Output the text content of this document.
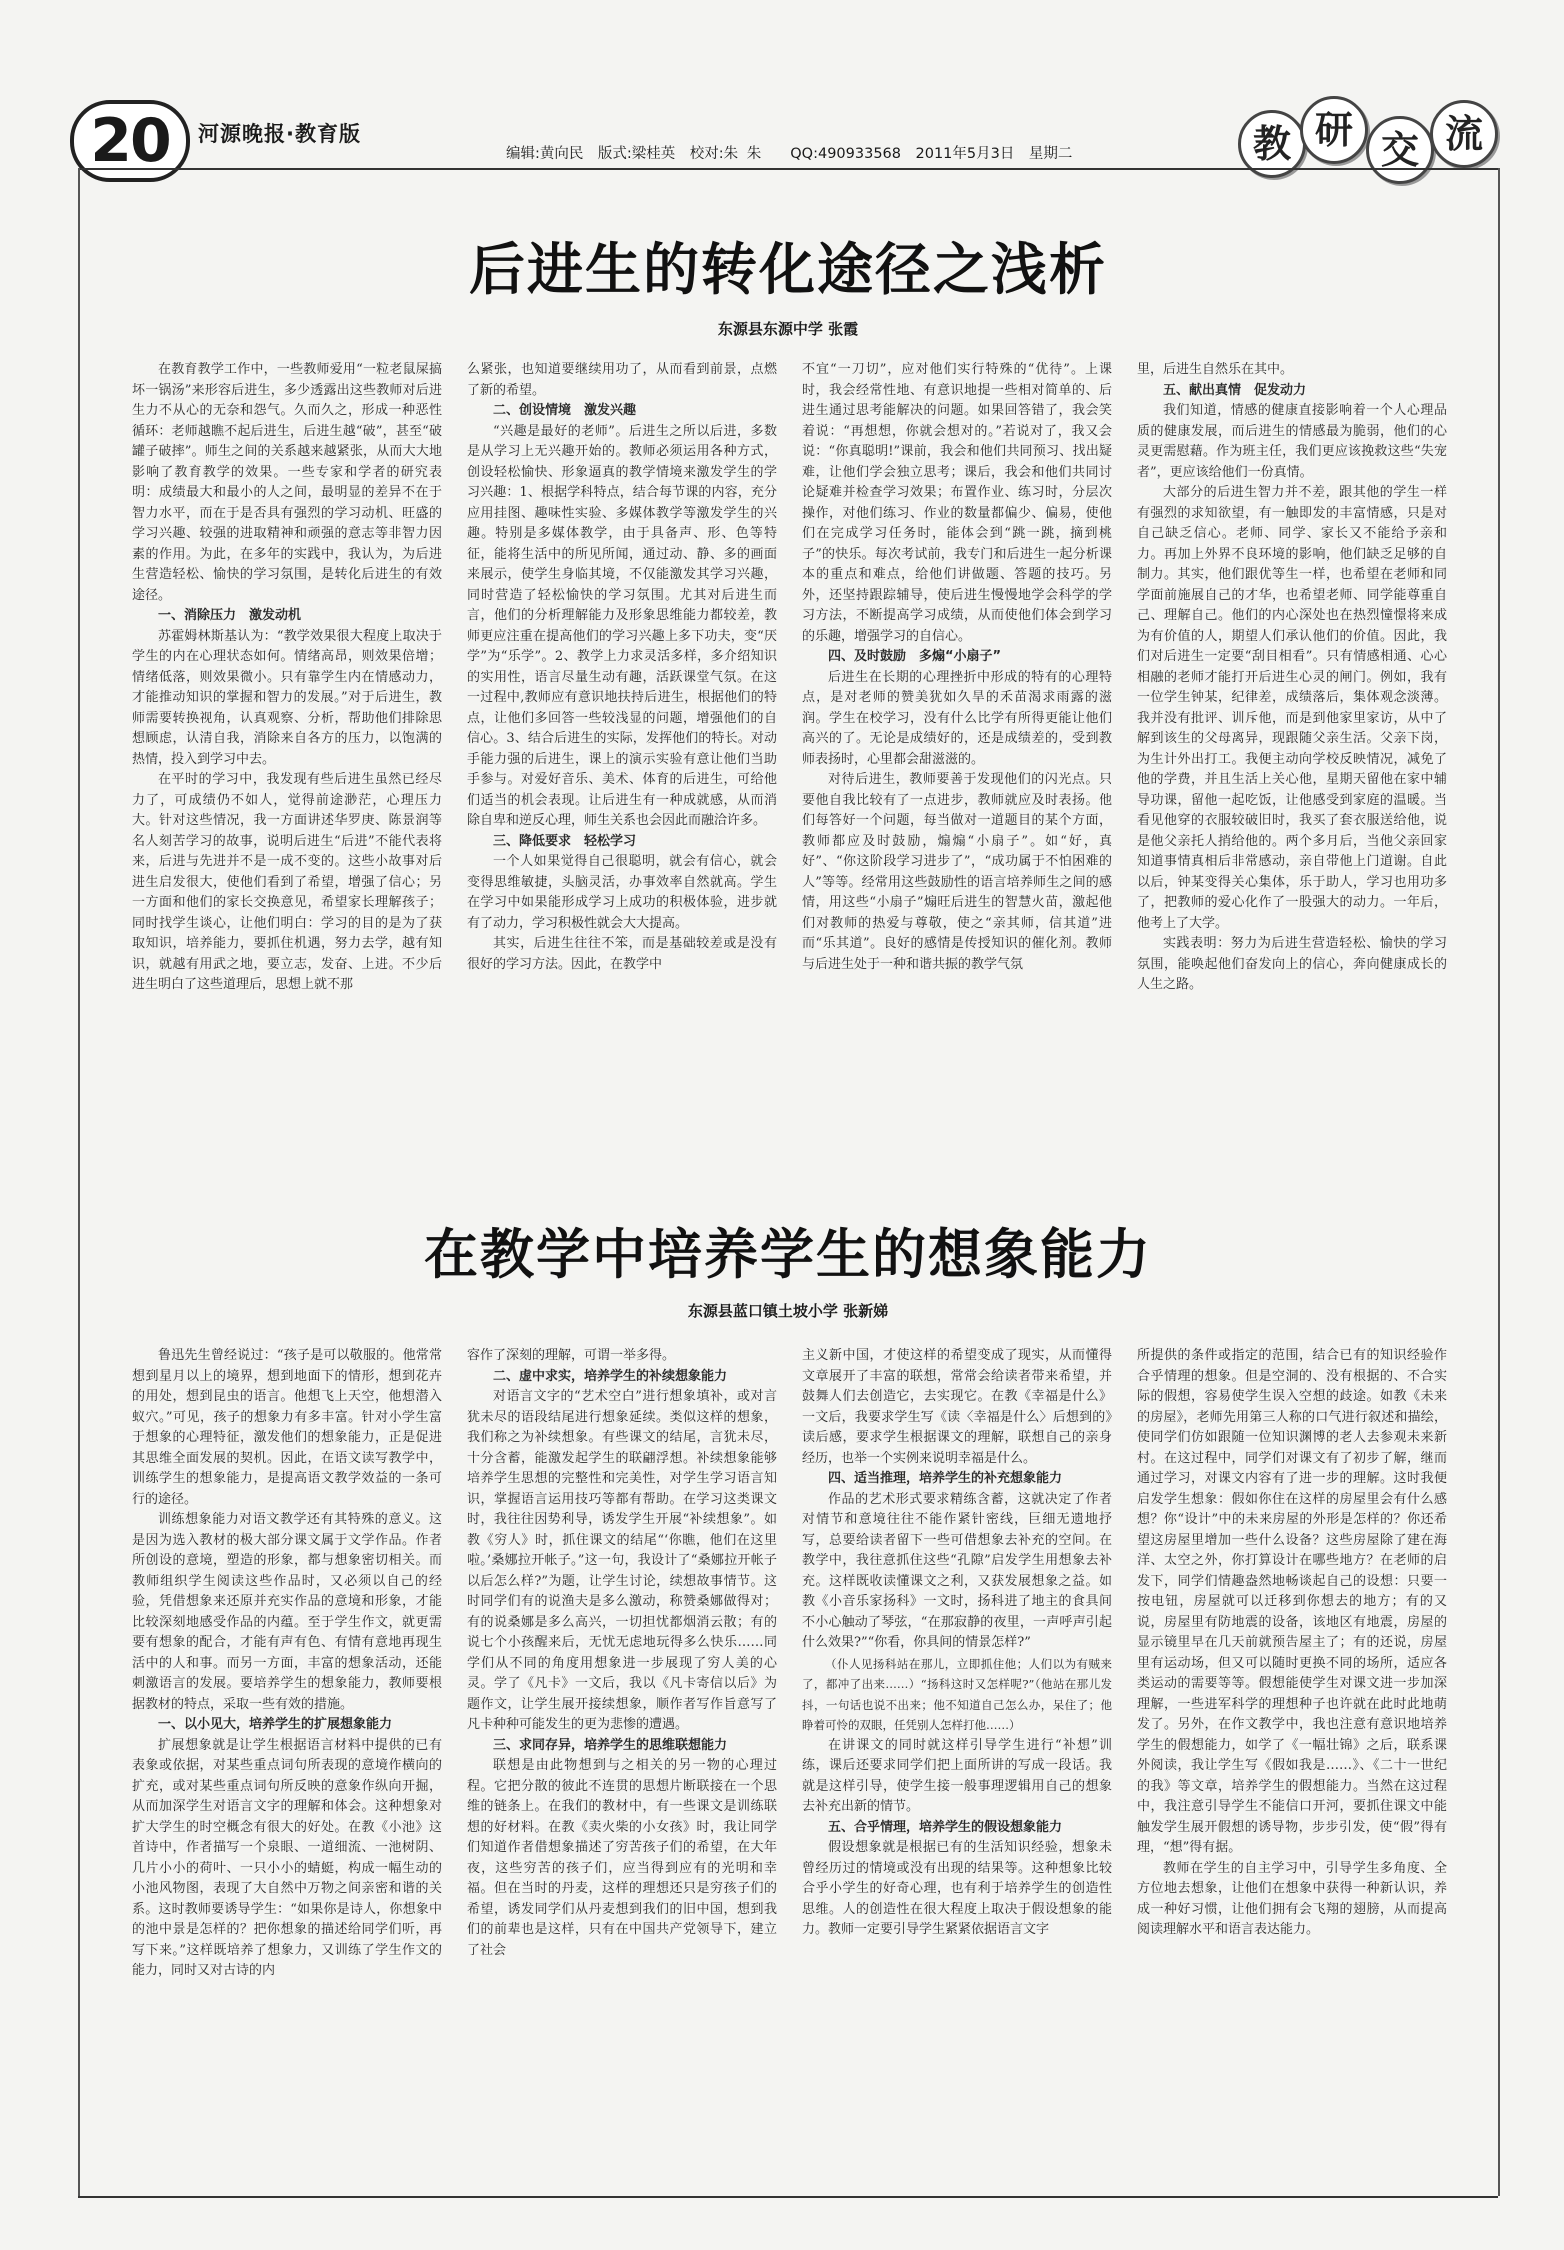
20	河源晚报·教育版
编辑:黄向民　版式:梁桂英　校对:朱 朱　　QQ:490933568　2011年5月3日　星期二	教 研 交 流
后进生的转化途径之浅析
东源县东源中学 张霞

在教育教学工作中，一些教师爱用“一粒老鼠屎搞坏一锅汤”来形容后进生，多少透露出这些教师对后进生力不从心的无奈和怨气。久而久之，形成一种恶性循环：老师越瞧不起后进生，后进生越“破”，甚至“破罐子破摔”。师生之间的关系越来越紧张，从而大大地影响了教育教学的效果。一些专家和学者的研究表明：成绩最大和最小的人之间，最明显的差异不在于智力水平，而在于是否具有强烈的学习动机、旺盛的学习兴趣、较强的进取精神和顽强的意志等非智力因素的作用。为此，在多年的实践中，我认为，为后进生营造轻松、愉快的学习氛围，是转化后进生的有效途径。

一、消除压力　激发动机

苏霍姆林斯基认为：“教学效果很大程度上取决于学生的内在心理状态如何。情绪高昂，则效果倍增；情绪低落，则效果微小。只有靠学生内在情感动力，才能推动知识的掌握和智力的发展。”对于后进生，教师需要转换视角，认真观察、分析，帮助他们排除思想顾虑，认清自我，消除来自各方的压力，以饱满的热情，投入到学习中去。

在平时的学习中，我发现有些后进生虽然已经尽力了，可成绩仍不如人，觉得前途渺茫，心理压力大。针对这些情况，我一方面讲述华罗庚、陈景润等名人刻苦学习的故事，说明后进生“后进”不能代表将来，后进与先进并不是一成不变的。这些小故事对后进生启发很大，使他们看到了希望，增强了信心；另一方面和他们的家长交换意见，希望家长理解孩子；同时找学生谈心，让他们明白：学习的目的是为了获取知识，培养能力，要抓住机遇，努力去学，越有知识，就越有用武之地，要立志，发奋、上进。不少后进生明白了这些道理后，思想上就不那

么紧张，也知道要继续用功了，从而看到前景，点燃了新的希望。

二、创设情境　激发兴趣

“兴趣是最好的老师”。后进生之所以后进，多数是从学习上无兴趣开始的。教师必须运用各种方式，创设轻松愉快、形象逼真的教学情境来激发学生的学习兴趣：1、根据学科特点，结合每节课的内容，充分应用挂图、趣味性实验、多媒体教学等激发学生的兴趣。特别是多媒体教学，由于具备声、形、色等特征，能将生活中的所见所闻，通过动、静、多的画面来展示，使学生身临其境，不仅能激发其学习兴趣，同时营造了轻松愉快的学习氛围。尤其对后进生而言，他们的分析理解能力及形象思维能力都较差，教师更应注重在提高他们的学习兴趣上多下功夫，变“厌学”为“乐学”。2、教学上力求灵活多样，多介绍知识的实用性，语言尽量生动有趣，活跃课堂气氛。在这一过程中,教师应有意识地扶持后进生，根据他们的特点，让他们多回答一些较浅显的问题，增强他们的自信心。3、结合后进生的实际，发挥他们的特长。对动手能力强的后进生，课上的演示实验有意让他们当助手参与。对爱好音乐、美术、体育的后进生，可给他们适当的机会表现。让后进生有一种成就感，从而消除自卑和逆反心理，师生关系也会因此而融洽许多。

三、降低要求　轻松学习

一个人如果觉得自己很聪明，就会有信心，就会变得思维敏捷，头脑灵活，办事效率自然就高。学生在学习中如果能形成学习上成功的积极体验，进步就有了动力，学习积极性就会大大提高。

其实，后进生往往不笨，而是基础较差或是没有很好的学习方法。因此，在教学中

不宜“一刀切”，应对他们实行特殊的“优待”。上课时，我会经常性地、有意识地提一些相对简单的、后进生通过思考能解决的问题。如果回答错了，我会笑着说：“再想想，你就会想对的。”若说对了，我又会说：“你真聪明!”课前，我会和他们共同预习、找出疑难，让他们学会独立思考；课后，我会和他们共同讨论疑难并检查学习效果；布置作业、练习时，分层次操作，对他们练习、作业的数量都偏少、偏易，使他们在完成学习任务时，能体会到“跳一跳，摘到桃子”的快乐。每次考试前，我专门和后进生一起分析课本的重点和难点，给他们讲做题、答题的技巧。另外，还坚持跟踪辅导，使后进生慢慢地学会科学的学习方法，不断提高学习成绩，从而使他们体会到学习的乐趣，增强学习的自信心。

四、及时鼓励　多煽“小扇子”

后进生在长期的心理挫折中形成的特有的心理特点，是对老师的赞美犹如久旱的禾苗渴求雨露的滋润。学生在校学习，没有什么比学有所得更能让他们高兴的了。无论是成绩好的，还是成绩差的，受到教师表扬时，心里都会甜滋滋的。

对待后进生，教师要善于发现他们的闪光点。只要他自我比较有了一点进步，教师就应及时表扬。他们每答好一个问题，每当做对一道题目的某个方面，教师都应及时鼓励，煽煽“小扇子”。如“好，真好”、“你这阶段学习进步了”，“成功属于不怕困难的人”等等。经常用这些鼓励性的语言培养师生之间的感情，用这些“小扇子”煽旺后进生的智慧火苗，激起他们对教师的热爱与尊敬，使之“亲其师，信其道”进而“乐其道”。良好的感情是传授知识的催化剂。教师与后进生处于一种和谐共振的教学气氛

里，后进生自然乐在其中。

五、献出真情　促发动力

我们知道，情感的健康直接影响着一个人心理品质的健康发展，而后进生的情感最为脆弱，他们的心灵更需慰藉。作为班主任，我们更应该挽救这些“失宠者”，更应该给他们一份真情。

大部分的后进生智力并不差，跟其他的学生一样有强烈的求知欲望，有一触即发的丰富情感，只是对自己缺乏信心。老师、同学、家长又不能给予亲和力。再加上外界不良环境的影响，他们缺乏足够的自制力。其实，他们跟优等生一样，也希望在老师和同学面前施展自己的才华，也希望老师、同学能尊重自己、理解自己。他们的内心深处也在热烈憧憬将来成为有价值的人，期望人们承认他们的价值。因此，我们对后进生一定要“刮目相看”。只有情感相通、心心相融的老师才能打开后进生心灵的闸门。例如，我有一位学生钟某，纪律差，成绩落后，集体观念淡薄。我并没有批评、训斥他，而是到他家里家访，从中了解到该生的父母离异，现跟随父亲生活。父亲下岗，为生计外出打工。我便主动向学校反映情况，减免了他的学费，并且生活上关心他，星期天留他在家中辅导功课，留他一起吃饭，让他感受到家庭的温暖。当看见他穿的衣服较破旧时，我买了套衣服送给他，说是他父亲托人捎给他的。两个多月后，当他父亲回家知道事情真相后非常感动，亲自带他上门道谢。自此以后，钟某变得关心集体，乐于助人，学习也用功多了，把教师的爱心化作了一股强大的动力。一年后，他考上了大学。

实践表明：努力为后进生营造轻松、愉快的学习氛围，能唤起他们奋发向上的信心，奔向健康成长的人生之路。

在教学中培养学生的想象能力
东源县蓝口镇土坡小学 张新娣

鲁迅先生曾经说过：“孩子是可以敬服的。他常常想到星月以上的境界，想到地面下的情形，想到花卉的用处，想到昆虫的语言。他想飞上天空，他想潜入蚁穴。”可见，孩子的想象力有多丰富。针对小学生富于想象的心理特征，激发他们的想象能力，正是促进其思维全面发展的契机。因此，在语文读写教学中，训练学生的想象能力，是提高语文教学效益的一条可行的途径。

训练想象能力对语文教学还有其特殊的意义。这是因为选入教材的极大部分课文属于文学作品。作者所创设的意境，塑造的形象，都与想象密切相关。而教师组织学生阅读这些作品时，又必须以自己的经验，凭借想象来还原并充实作品的意境和形象，才能比较深刻地感受作品的内蕴。至于学生作文，就更需要有想象的配合，才能有声有色、有情有意地再现生活中的人和事。而另一方面，丰富的想象活动，还能刺激语言的发展。要培养学生的想象能力，教师要根据教材的特点，采取一些有效的措施。

一、以小见大，培养学生的扩展想象能力

扩展想象就是让学生根据语言材料中提供的已有表象或依据，对某些重点词句所表现的意境作横向的扩充，或对某些重点词句所反映的意象作纵向开掘，从而加深学生对语言文字的理解和体会。这种想象对扩大学生的时空概念有很大的好处。在教《小池》这首诗中，作者描写一个泉眼、一道细流、一池树阴、几片小小的荷叶、一只小小的蜻蜓，构成一幅生动的小池风物图，表现了大自然中万物之间亲密和谐的关系。这时教师要诱导学生：“如果你是诗人，你想象中的池中景是怎样的？把你想象的描述给同学们听，再写下来。”这样既培养了想象力，又训练了学生作文的能力，同时又对古诗的内

容作了深刻的理解，可谓一举多得。

二、虚中求实，培养学生的补续想象能力

对语言文字的“艺术空白”进行想象填补，或对言犹未尽的语段结尾进行想象延续。类似这样的想象，我们称之为补续想象。有些课文的结尾，言犹未尽，十分含蓄，能激发起学生的联翩浮想。补续想象能够培养学生思想的完整性和完美性，对学生学习语言知识，掌握语言运用技巧等都有帮助。在学习这类课文时，我往往因势利导，诱发学生开展“补续想象”。如教《穷人》时，抓住课文的结尾“‘你瞧，他们在这里啦。’桑娜拉开帐子。”这一句，我设计了“桑娜拉开帐子以后怎么样?”为题，让学生讨论，续想故事情节。这时同学们有的说渔夫是多么激动，称赞桑娜做得对；有的说桑娜是多么高兴，一切担忧都烟消云散；有的说七个小孩醒来后，无忧无虑地玩得多么快乐……同学们从不同的角度用想象进一步展现了穷人美的心灵。学了《凡卡》一文后，我以《凡卡寄信以后》为题作文，让学生展开接续想象，顺作者写作旨意写了凡卡种种可能发生的更为悲惨的遭遇。

三、求同存异，培养学生的思维联想能力

联想是由此物想到与之相关的另一物的心理过程。它把分散的彼此不连贯的思想片断联接在一个思维的链条上。在我们的教材中，有一些课文是训练联想的好材料。在教《卖火柴的小女孩》时，我让同学们知道作者借想象描述了穷苦孩子们的希望，在大年夜，这些穷苦的孩子们，应当得到应有的光明和幸福。但在当时的丹麦，这样的理想还只是穷孩子们的希望，诱发同学们从丹麦想到我们的旧中国，想到我们的前辈也是这样，只有在中国共产党领导下，建立了社会

主义新中国，才使这样的希望变成了现实，从而懂得文章展开了丰富的联想，常常会给读者带来希望，并鼓舞人们去创造它，去实现它。在教《幸福是什么》一文后，我要求学生写《读〈幸福是什么〉后想到的》读后感，要求学生根据课文的理解，联想自己的亲身经历，也举一个实例来说明幸福是什么。

四、适当推理，培养学生的补充想象能力

作品的艺术形式要求精练含蓄，这就决定了作者对情节和意境往往不能作紧针密线，巨细无遗地抒写，总要给读者留下一些可借想象去补充的空间。在教学中，我往意抓住这些“孔隙”启发学生用想象去补充。这样既收读懂课文之利，又获发展想象之益。如教《小音乐家扬科》一文时，扬科进了地主的食具间不小心触动了琴弦，“在那寂静的夜里，一声呼声引起什么效果?”“你看，你具间的情景怎样?”

（仆人见扬科站在那儿，立即抓住他；人们以为有贼来了，都冲了出来……）“扬科这时又怎样呢?”（他站在那儿发抖，一句话也说不出来；他不知道自己怎么办，呆住了；他睁着可怜的双眼，任凭别人怎样打他……）

在讲课文的同时就这样引导学生进行“补想”训练，课后还要求同学们把上面所讲的写成一段话。我就是这样引导，使学生接一般事理逻辑用自己的想象去补充出新的情节。

五、合乎情理，培养学生的假设想象能力

假设想象就是根据已有的生活知识经验，想象未曾经历过的情境或没有出现的结果等。这种想象比较合乎小学生的好奇心理，也有利于培养学生的创造性思维。人的创造性在很大程度上取决于假设想象的能力。教师一定要引导学生紧紧依据语言文字

所提供的条件或指定的范围，结合已有的知识经验作合乎情理的想象。但是空洞的、没有根据的、不合实际的假想，容易使学生误入空想的歧途。如教《未来的房屋》，老师先用第三人称的口气进行叙述和描绘，使同学们仿如跟随一位知识渊博的老人去参观未来新村。在这过程中，同学们对课文有了初步了解，继而通过学习，对课文内容有了进一步的理解。这时我便启发学生想象：假如你住在这样的房屋里会有什么感想？你“设计”中的未来房屋的外形是怎样的？你还希望这房屋里增加一些什么设备？这些房屋除了建在海洋、太空之外，你打算设计在哪些地方？在老师的启发下，同学们情趣盎然地畅谈起自己的设想：只要一按电钮，房屋就可以迁移到你想去的地方；有的又说，房屋里有防地震的设备，该地区有地震，房屋的显示镜里早在几天前就预告屋主了；有的还说，房屋里有运动场，但又可以随时更换不同的场所，适应各类运动的需要等等。假想能使学生对课文进一步加深理解，一些进军科学的理想种子也许就在此时此地萌发了。另外，在作文教学中，我也注意有意识地培养学生的假想能力，如学了《一幅壮锦》之后，联系课外阅读，我让学生写《假如我是……》、《二十一世纪的我》等文章，培养学生的假想能力。当然在这过程中，我注意引导学生不能信口开河，要抓住课文中能触发学生展开假想的诱导物，步步引发，使“假”得有理，“想”得有据。

教师在学生的自主学习中，引导学生多角度、全方位地去想象，让他们在想象中获得一种新认识，养成一种好习惯，让他们拥有会飞翔的翅膀，从而提高阅读理解水平和语言表达能力。
